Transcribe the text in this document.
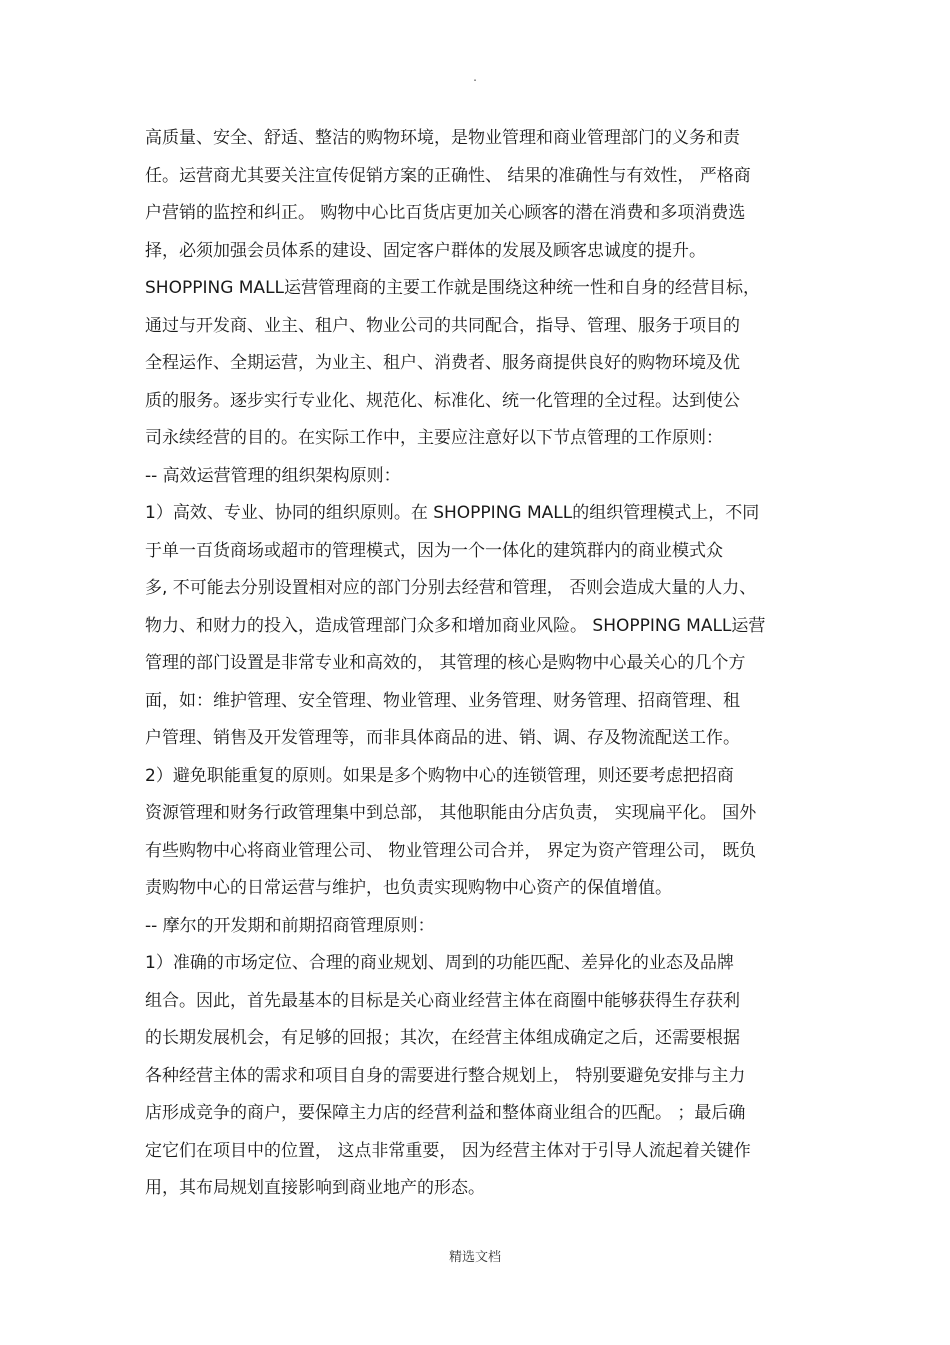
.
高质量、安全、舒适、整洁的购物环境，是物业管理和商业管理部门的义务和责
任。运营商尤其要关注宣传促销方案的正确性、 结果的准确性与有效性， 严格商
户营销的监控和纠正。 购物中心比百货店更加关心顾客的潜在消费和多项消费选
择，必须加强会员体系的建设、固定客户群体的发展及顾客忠诚度的提升。
SHOPPING MALL运营管理商的主要工作就是围绕这种统一性和自身的经营目标，
通过与开发商、业主、租户、物业公司的共同配合，指导、管理、服务于项目的
全程运作、全期运营，为业主、租户、消费者、服务商提供良好的购物环境及优
质的服务。逐步实行专业化、规范化、标准化、统一化管理的全过程。达到使公
司永续经营的目的。在实际工作中，主要应注意好以下节点管理的工作原则：
-- 高效运营管理的组织架构原则：
1）高效、专业、协同的组织原则。在 SHOPPING MALL的组织管理模式上，不同
于单一百货商场或超市的管理模式，因为一个一体化的建筑群内的商业模式众
多, 不可能去分别设置相对应的部门分别去经营和管理， 否则会造成大量的人力、
物力、和财力的投入，造成管理部门众多和增加商业风险。 SHOPPING MALL运营
管理的部门设置是非常专业和高效的， 其管理的核心是购物中心最关心的几个方
面，如：维护管理、安全管理、物业管理、业务管理、财务管理、招商管理、租
户管理、销售及开发管理等，而非具体商品的进、销、调、存及物流配送工作。
2）避免职能重复的原则。如果是多个购物中心的连锁管理，则还要考虑把招商
资源管理和财务行政管理集中到总部， 其他职能由分店负责， 实现扁平化。 国外
有些购物中心将商业管理公司、 物业管理公司合并， 界定为资产管理公司， 既负
责购物中心的日常运营与维护，也负责实现购物中心资产的保值增值。
-- 摩尔的开发期和前期招商管理原则：
1）准确的市场定位、合理的商业规划、周到的功能匹配、差异化的业态及品牌
组合。因此，首先最基本的目标是关心商业经营主体在商圈中能够获得生存获利
的长期发展机会，有足够的回报；其次，在经营主体组成确定之后，还需要根据
各种经营主体的需求和项目自身的需要进行整合规划上， 特别要避免安排与主力
店形成竞争的商户，要保障主力店的经营利益和整体商业组合的匹配。 ；最后确
定它们在项目中的位置， 这点非常重要， 因为经营主体对于引导人流起着关键作
用，其布局规划直接影响到商业地产的形态。
精选文档
